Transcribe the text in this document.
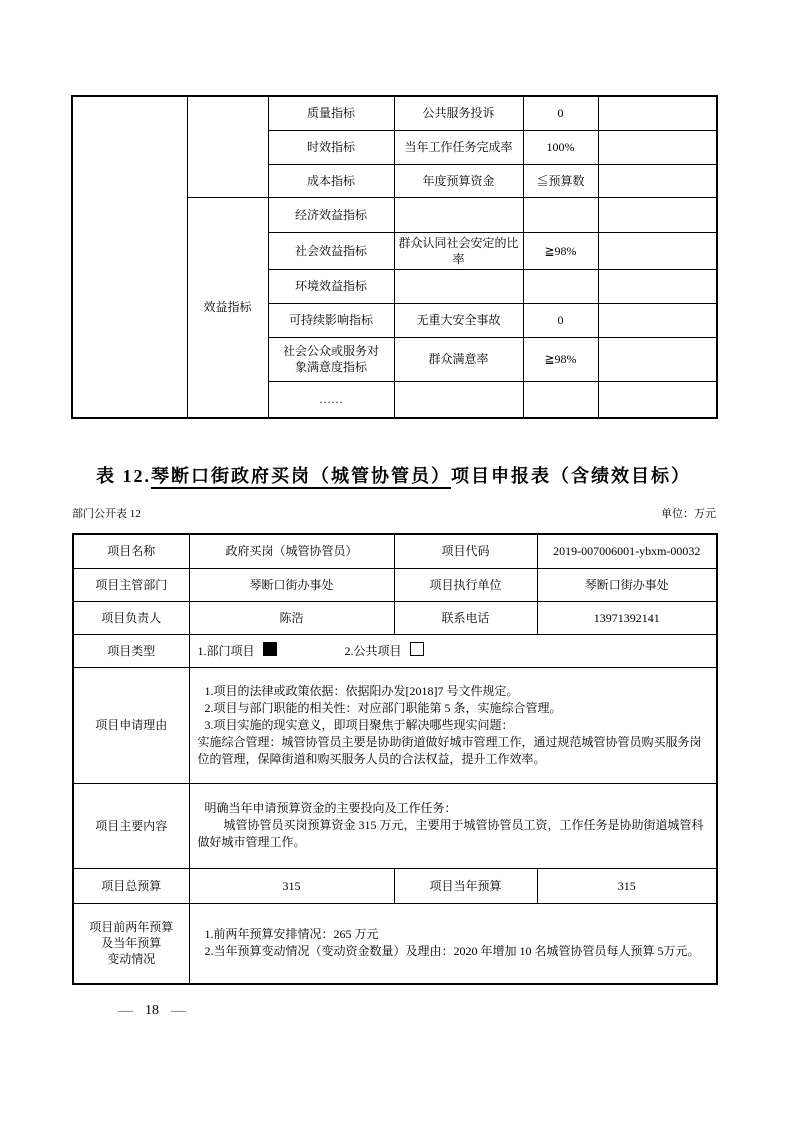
		质量指标	公共服务投诉	0	
		时效指标	当年工作任务完成率	100%	
		成本指标	年度预算资金	≦预算数	
	效益指标	经济效益指标			
		社会效益指标	群众认同社会安定的比率	≧98%	
		环境效益指标			
		可持续影响指标	无重大安全事故	0	
		社会公众或服务对象满意度指标	群众满意率	≧98%	
		……			
表 12.琴断口街政府买岗（城管协管员）项目申报表（含绩效目标）
部门公开表 12	单位：万元
项目名称	政府买岗（城管协管员）	项目代码	2019-007006001-ybxm-00032
项目主管部门	琴断口街办事处	项目执行单位	琴断口街办事处
项目负责人	陈浩	联系电话	13971392141
项目类型	1.部门项目 2.公共项目		
项目申请理由	1.项目的法律或政策依据：依据阳办发[2018]7 号文件规定。

2.项目与部门职能的相关性：对应部门职能第 5 条，实施综合管理。

3.项目实施的现实意义，即项目聚焦于解决哪些现实问题：

实施综合管理：城管协管员主要是协助街道做好城市管理工作，通过规范城管协管员购买服务岗位的管理，保障街道和购买服务人员的合法权益，提升工作效率。		

项目主要内容	明确当年申请预算资金的主要投向及工作任务：

城管协管员买岗预算资金 315 万元，主要用于城管协管员工资，工作任务是协助街道城管科做好城市管理工作。		

项目总预算	315	项目当年预算	315

项目前两年预算
及当年预算
变动情况

1.前两年预算安排情况：265 万元

2.当年预算变动情况（变动资金数量）及理由：2020 年增加 10 名城管协管员每人预算 5万元。

— 18 —
